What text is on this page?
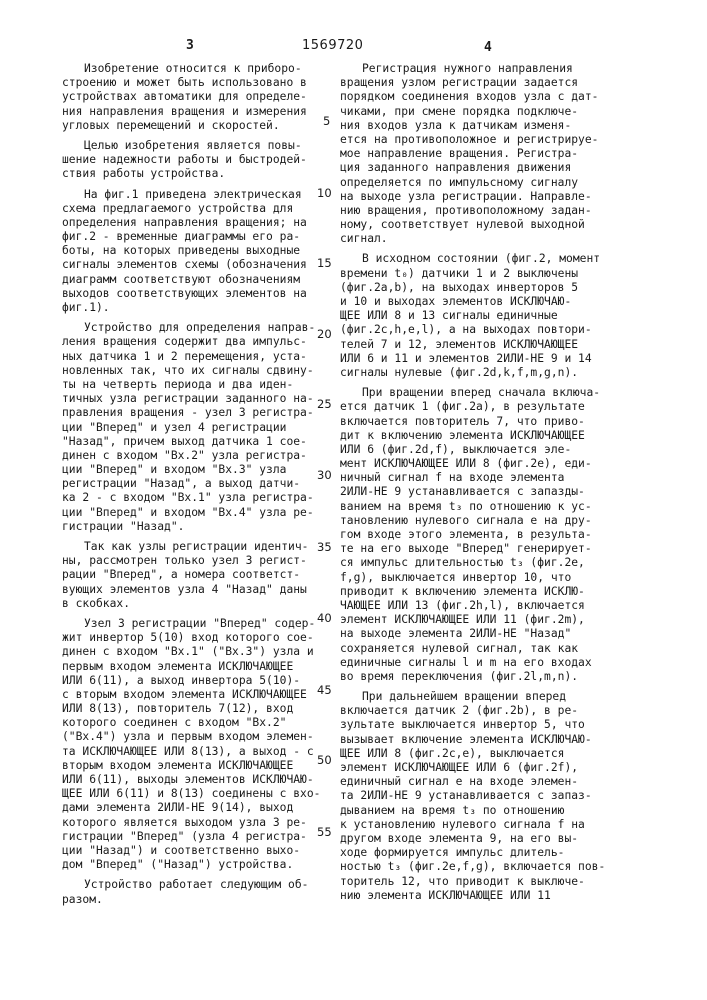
3	1569720	4
Изобретение относится к приборо-
строению и может быть использовано в
устройствах автоматики для определе-
ния направления вращения и измерения
угловых перемещений и скоростей.
Целью изобретения является повы-
шение надежности работы и быстродей-
ствия работы устройства.
На фиг.1 приведена электрическая
схема предлагаемого устройства для
определения направления вращения; на
фиг.2 - временные диаграммы его ра-
боты, на которых приведены выходные
сигналы элементов схемы (обозначения
диаграмм соответствуют обозначениям
выходов соответствующих элементов на
фиг.1).
Устройство для определения направ-
ления вращения содержит два импульс-
ных датчика 1 и 2 перемещения, уста-
новленных так, что их сигналы сдвину-
ты на четверть периода и два иден-
тичных узла регистрации заданного на-
правления вращения - узел 3 регистра-
ции "Вперед" и узел 4 регистрации
"Назад", причем выход датчика 1 сое-
динен с входом "Вх.2" узла регистра-
ции "Вперед" и входом "Вх.3" узла
регистрации "Назад", а выход датчи-
ка 2 - с входом "Вх.1" узла регистра-
ции "Вперед" и входом "Вх.4" узла ре-
гистрации "Назад".
Так как узлы регистрации идентич-
ны, рассмотрен только узел 3 регист-
рации "Вперед", а номера соответст-
вующих элементов узла 4 "Назад" даны
в скобках.
Узел 3 регистрации "Вперед" содер-
жит инвертор 5(10) вход которого сое-
динен с входом "Вх.1" ("Вх.3") узла и
первым входом элемента ИСКЛЮЧАЮЩЕЕ
ИЛИ 6(11), а выход инвертора 5(10)-
с вторым входом элемента ИСКЛЮЧАЮЩЕЕ
ИЛИ 8(13), повторитель 7(12), вход
которого соединен с входом "Вх.2"
("Вх.4") узла и первым входом элемен-
та ИСКЛЮЧАЮЩЕЕ ИЛИ 8(13), а выход - с
вторым входом элемента ИСКЛЮЧАЮЩЕЕ
ИЛИ 6(11), выходы элементов ИСКЛЮЧАЮ-
ЩЕЕ ИЛИ 6(11) и 8(13) соединены с вхо-
дами элемента 2ИЛИ-НЕ 9(14), выход
которого является выходом узла 3 ре-
гистрации "Вперед" (узла 4 регистра-
ции "Назад") и соответственно выхо-
дом "Вперед" ("Назад") устройства.
Устройство работает следующим об-
разом.
Регистрация нужного направления
вращения узлом регистрации задается
порядком соединения входов узла с дат-
чиками, при смене порядка подключе-
ния входов узла к датчикам изменя-
ется на противоположное и регистрируе-
мое направление вращения. Регистра-
ция заданного направления движения
определяется по импульсному сигналу
на выходе узла регистрации. Направле-
нию вращения, противоположному задан-
ному, соответствует нулевой выходной
сигнал.
В исходном состоянии (фиг.2, момент
времени t₀) датчики 1 и 2 выключены
(фиг.2а,b), на выходах инверторов 5
и 10 и выходах элементов ИСКЛЮЧАЮ-
ЩЕЕ ИЛИ 8 и 13 сигналы единичные
(фиг.2с,h,е,l), а на выходах повтори-
телей 7 и 12, элементов ИСКЛЮЧАЮЩЕЕ
ИЛИ 6 и 11 и элементов 2ИЛИ-НЕ 9 и 14
сигналы нулевые (фиг.2d,k,f,m,g,n).
При вращении вперед сначала включа-
ется датчик 1 (фиг.2а), в результате
включается повторитель 7, что приво-
дит к включению элемента ИСКЛЮЧАЮЩЕЕ
ИЛИ 6 (фиг.2d,f), выключается эле-
мент ИСКЛЮЧАЮЩЕЕ ИЛИ 8 (фиг.2е), еди-
ничный сигнал f на входе элемента
2ИЛИ-НЕ 9 устанавливается с запазды-
ванием на время t₃ по отношению к ус-
тановлению нулевого сигнала е на дру-
гом входе этого элемента, в результа-
те на его выходе "Вперед" генерирует-
ся импульс длительностью t₃ (фиг.2е,
f,g), выключается инвертор 10, что
приводит к включению элемента ИСКЛЮ-
ЧАЮЩЕЕ ИЛИ 13 (фиг.2h,l), включается
элемент ИСКЛЮЧАЮЩЕЕ ИЛИ 11 (фиг.2m),
на выходе элемента 2ИЛИ-НЕ "Назад"
сохраняется нулевой сигнал, так как
единичные сигналы l и m на его входах
во время переключения (фиг.2l,m,n).
При дальнейшем вращении вперед
включается датчик 2 (фиг.2b), в ре-
зультате выключается инвертор 5, что
вызывает включение элемента ИСКЛЮЧАЮ-
ЩЕЕ ИЛИ 8 (фиг.2с,е), выключается
элемент ИСКЛЮЧАЮЩЕЕ ИЛИ 6 (фиг.2f),
единичный сигнал е на входе элемен-
та 2ИЛИ-НЕ 9 устанавливается с запаз-
дыванием на время t₃ по отношению
к установлению нулевого сигнала f на
другом входе элемента 9, на его вы-
ходе формируется импульс длитель-
ностью t₃ (фиг.2е,f,g), включается пов-
торитель 12, что приводит к выключе-
нию элемента ИСКЛЮЧАЮЩЕЕ ИЛИ 11
5
10
15
20
25
30
35
40
45
50
55
